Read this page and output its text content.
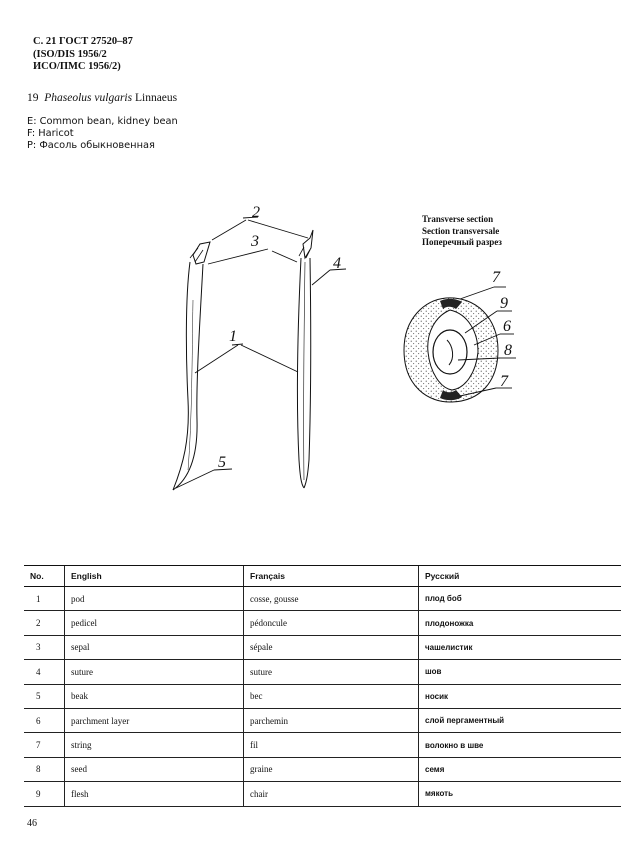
С. 21 ГОСТ 27520–87
(ISO/DIS 1956/2
ИСО/ПМС 1956/2)
19 Phaseolus vulgaris Linnaeus
E: Common bean, kidney bean
F: Haricot
P: Фасоль обыкновенная
Transverse section
Section transversale
Поперечный разрез
2
3
4
1
5
7
9
6
8
7
No.	English	Français	Русский
1	pod	cosse, gousse	плод боб
2	pedicel	pédoncule	плодоножка
3	sepal	sépale	чашелистик
4	suture	suture	шов
5	beak	bec	носик
6	parchment layer	parchemin	слой пергаментный
7	string	fil	волокно в шве
8	seed	graine	семя
9	flesh	chair	мякоть
46
